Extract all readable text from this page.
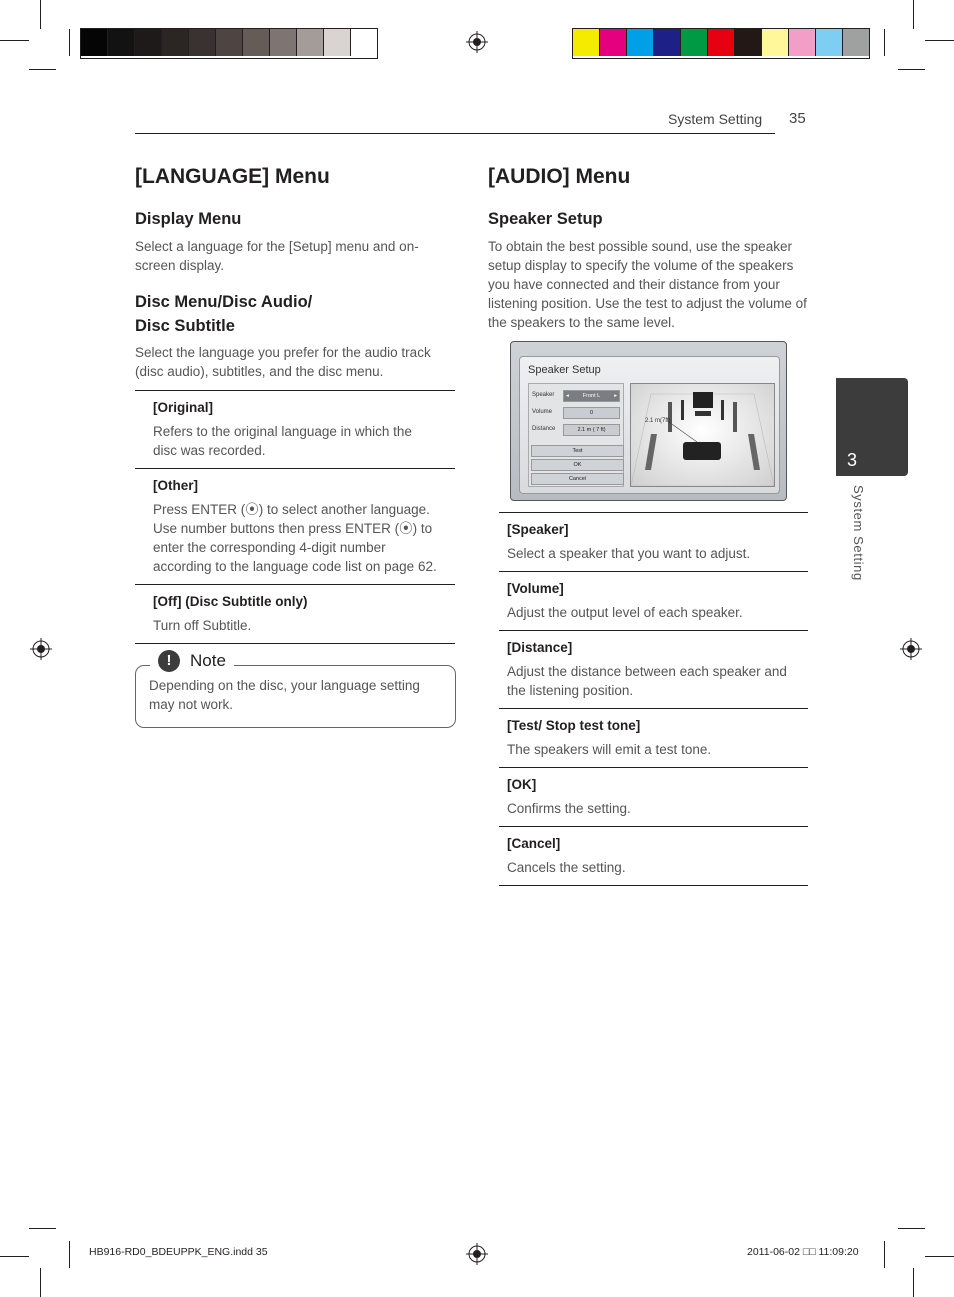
System Setting 35
3
System Setting
[LANGUAGE] Menu
Display Menu
Select a language for the [Setup] menu and on-screen display.
Disc Menu/Disc Audio/
Disc Subtitle
Select the language you prefer for the audio track (disc audio), subtitles, and the disc menu.
[Original]
Refers to the original language in which the disc was recorded.
[Other]
Press ENTER (⦿) to select another language. Use number buttons then press ENTER (⦿) to enter the corresponding 4-digit number according to the language code list on page 62.
[Off] (Disc Subtitle only)
Turn off Subtitle.
!	Note
Depending on the disc, your language setting may not work.
[AUDIO] Menu
Speaker Setup
To obtain the best possible sound, use the speaker setup display to specify the volume of the speakers you have connected and their distance from your listening position. Use the test to adjust the volume of the speakers to the same level.
Speaker Setup
Speaker ◂	Front L	▸
Volume	0
Distance	2.1 m ( 7 ft)
Test
OK
Cancel
2.1 m(7ft)
[Speaker]
Select a speaker that you want to adjust.
[Volume]
Adjust the output level of each speaker.
[Distance]
Adjust the distance between each speaker and the listening position.
[Test/ Stop test tone]
The speakers will emit a test tone.
[OK]
Confirms the setting.
[Cancel]
Cancels the setting.
HB916-RD0_BDEUPPK_ENG.indd 35	2011-06-02 □□ 11:09:20
